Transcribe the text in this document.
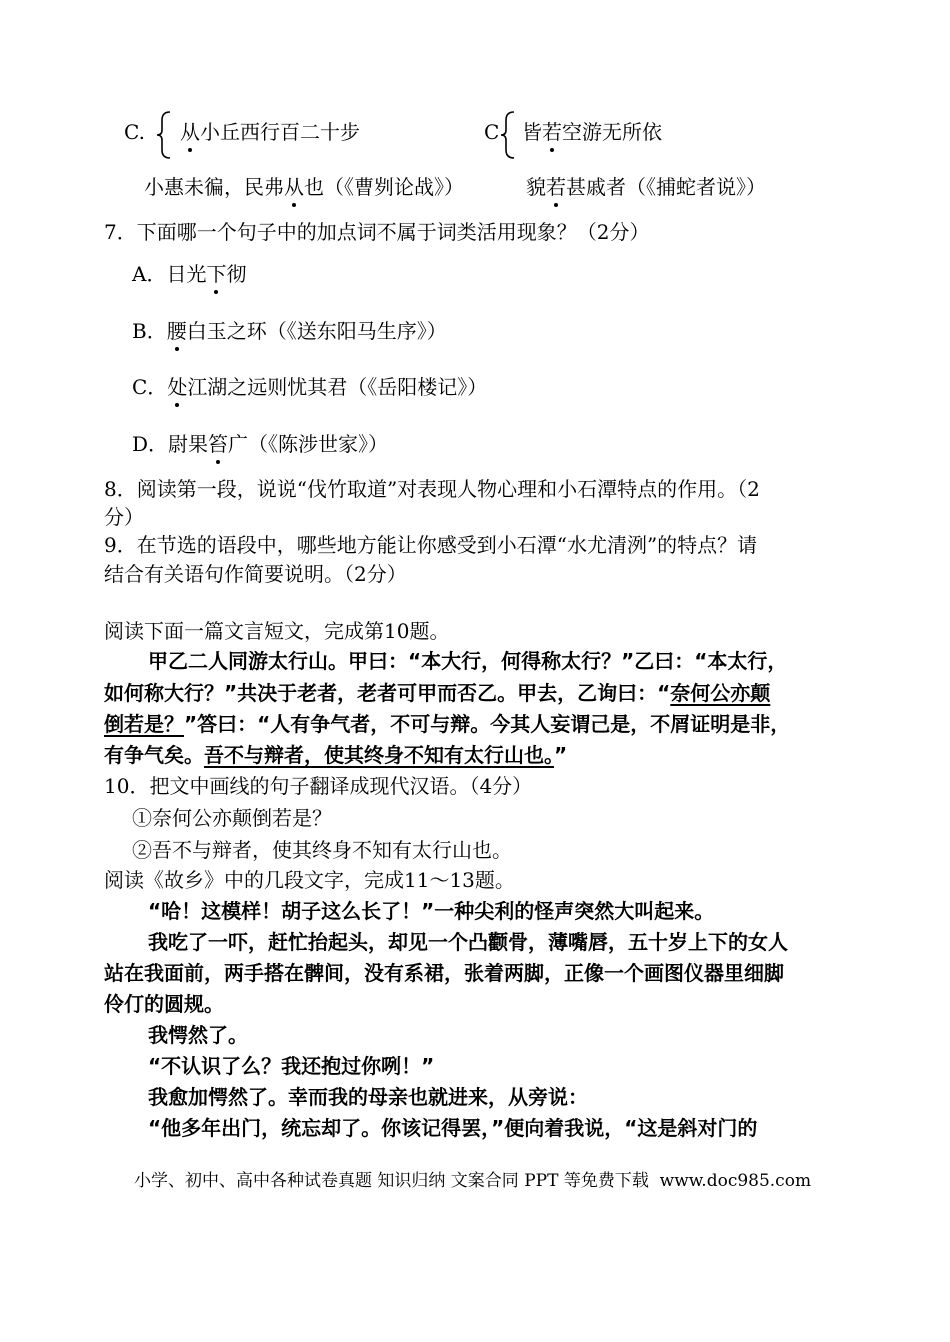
C. 从小丘西行百二十步	C 皆若空游无所依
小惠未徧，民弗从也（《曹刿论战》）	貌若甚戚者（《捕蛇者说》）
7．下面哪一个句子中的加点词不属于词类活用现象？（2分）
A．日光下彻
B．腰白玉之环（《送东阳马生序》）
C．处江湖之远则忧其君（《岳阳楼记》）
D．尉果笞广（《陈涉世家》）
8．阅读第一段，说说“伐竹取道”对表现人物心理和小石潭特点的作用。（2
分）
9．在节选的语段中，哪些地方能让你感受到小石潭“水尤清洌”的特点？请
结合有关语句作简要说明。（2分）
阅读下面一篇文言短文，完成第10题。
甲乙二人同游太行山。甲曰：“本大行，何得称太行？”乙曰：“本太行，
如何称大行？”共决于老者，老者可甲而否乙。甲去，乙询曰：“奈何公亦颠
倒若是？”答曰：“人有争气者，不可与辩。今其人妄谓己是，不屑证明是非，
有争气矣。吾不与辩者，使其终身不知有太行山也。”
10．把文中画线的句子翻译成现代汉语。（4分）
①奈何公亦颠倒若是？
②吾不与辩者，使其终身不知有太行山也。
阅读《故乡》中的几段文字，完成11～13题。
“哈！这模样！胡子这么长了！”一种尖利的怪声突然大叫起来。
我吃了一吓，赶忙抬起头，却见一个凸颧骨，薄嘴唇，五十岁上下的女人
站在我面前，两手搭在髀间，没有系裙，张着两脚，正像一个画图仪器里细脚
伶仃的圆规。
我愕然了。
“不认识了么？我还抱过你咧！”
我愈加愕然了。幸而我的母亲也就进来，从旁说：
“他多年出门，统忘却了。你该记得罢，”便向着我说，“这是斜对门的
小学、初中、高中各种试卷真题 知识归纳 文案合同 PPT 等免费下载 www.doc985.com
